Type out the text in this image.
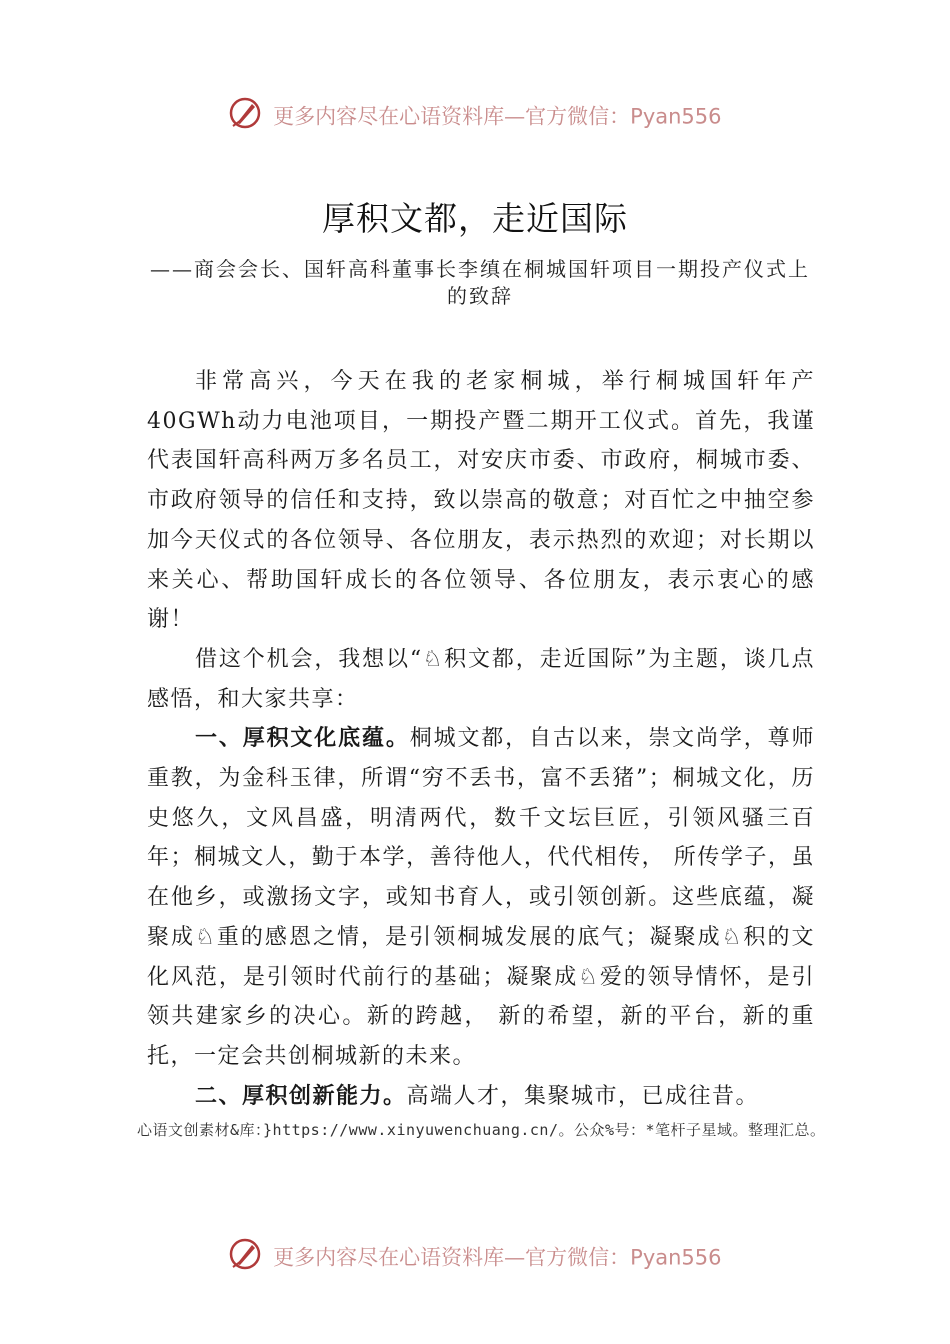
更多内容尽在心语资料库—官方微信：Pyan556
厚积文都，走近国际
——商会会长、国轩高科董事长李缜在桐城国轩项目一期投产仪式上的致辞

非常高兴，今天在我的老家桐城，举行桐城国轩年产40GWh动力电池项目，一期投产暨二期开工仪式。首先，我谨代表国轩高科两万多名员工，对安庆市委、市政府，桐城市委、市政府领导的信任和支持，致以崇高的敬意；对百忙之中抽空参加今天仪式的各位领导、各位朋友，表示热烈的欢迎；对长期以来关心、帮助国轩成长的各位领导、各位朋友，表示衷心的感谢！

借这个机会，我想以“♘积文都，走近国际”为主题，谈几点感悟，和大家共享：

一、厚积文化底蕴。桐城文都，自古以来，崇文尚学，尊师重教，为金科玉律，所谓“穷不丢书，富不丢猪”；桐城文化，历史悠久，文风昌盛，明清两代，数千文坛巨匠，引领风骚三百年；桐城文人，勤于本学，善待他人，代代相传， 所传学子，虽在他乡，或激扬文字，或知书育人，或引领创新。这些底蕴，凝聚成♘重的感恩之情，是引领桐城发展的底气；凝聚成♘积的文化风范，是引领时代前行的基础；凝聚成♘爱的领导情怀，是引领共建家乡的决心。新的跨越， 新的希望，新的平台，新的重托，一定会共创桐城新的未来。

二、厚积创新能力。高端人才，集聚城市，已成往昔。

心语文创素材&库：}https://www.xinyuwenchuang.cn/。公众%号：*笔杆子星域。整理汇总。
更多内容尽在心语资料库—官方微信：Pyan556
